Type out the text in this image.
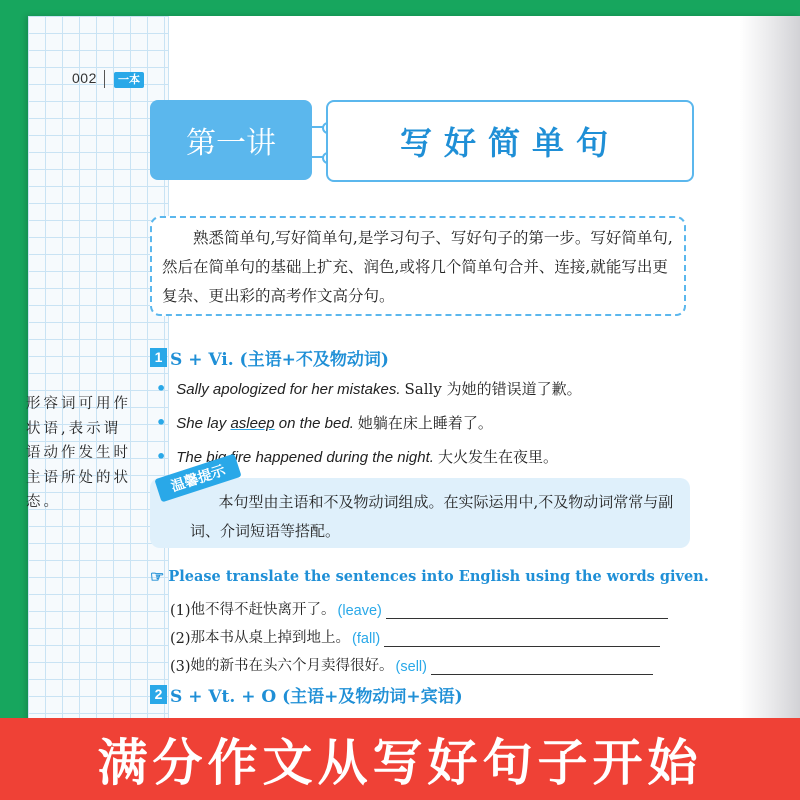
002	一本
第一讲	写好简单句
熟悉简单句,写好简单句,是学习句子、写好句子的第一步。写好简单句,然后在简单句的基础上扩充、润色,或将几个简单句合并、连接,就能写出更复杂、更出彩的高考作文高分句。
1 S + Vi. (主语+不及物动词)
• Sally apologized for her mistakes. Sally 为她的错误道了歉。
• She lay asleep on the bed. 她躺在床上睡着了。
• The big fire happened during the night. 大火发生在夜里。
形容词可用作状语,表示谓语动作发生时主语所处的状态。
温馨提示
本句型由主语和不及物动词组成。在实际运用中,不及物动词常常与副词、介词短语等搭配。
☞ Please translate the sentences into English using the words given.
(1) 他不得不赶快离开了。 (leave)
(2) 那本书从桌上掉到地上。 (fall)
(3) 她的新书在头六个月卖得很好。 (sell)
2 S + Vt. + O (主语+及物动词+宾语)
满分作文从写好句子开始
